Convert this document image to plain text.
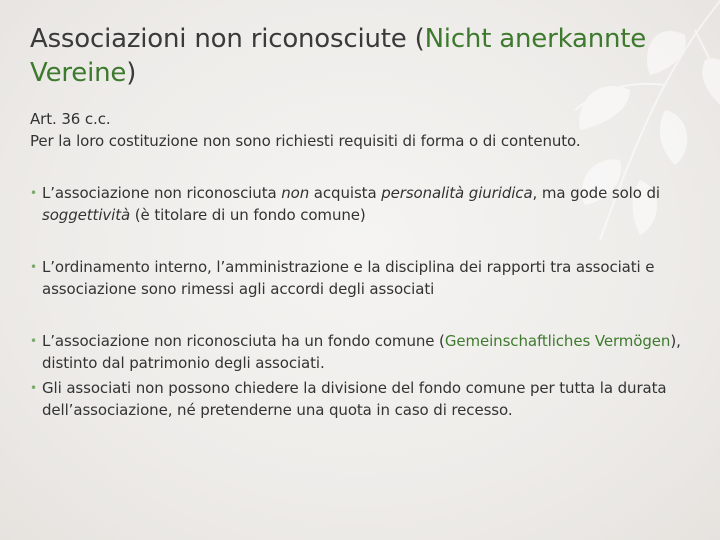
Associazioni non riconosciute (Nicht anerkannte Vereine)

Art. 36 c.c.

Per la loro costituzione non sono richiesti requisiti di forma o di contenuto.

• L’associazione non riconosciuta non acquista personalità giuridica, ma gode solo di soggettività (è titolare di un fondo comune)

• L’ordinamento interno, l’amministrazione e la disciplina dei rapporti tra associati e associazione sono rimessi agli accordi degli associati

• L’associazione non riconosciuta ha un fondo comune (Gemeinschaftliches Vermögen), distinto dal patrimonio degli associati.

• Gli associati non possono chiedere la divisione del fondo comune per tutta la durata dell’associazione, né pretenderne una quota in caso di recesso.
